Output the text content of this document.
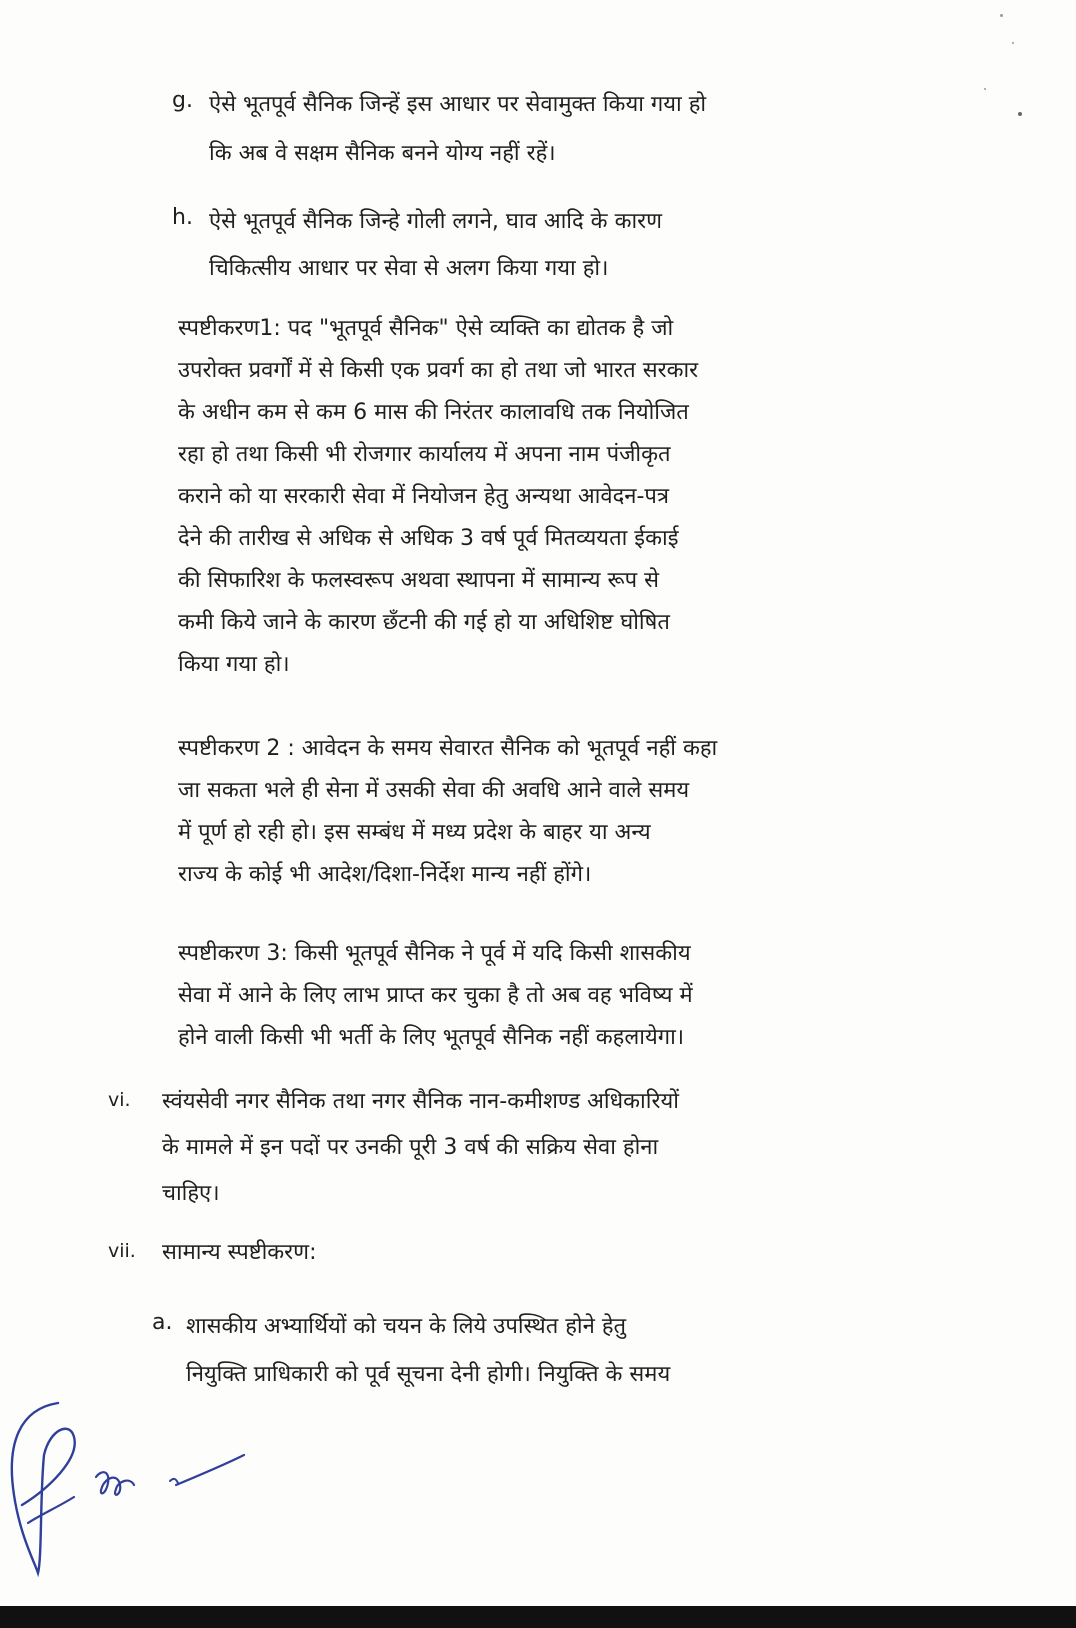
g. ऐसे भूतपूर्व सैनिक जिन्हें इस आधार पर सेवामुक्त किया गया हो
कि अब वे सक्षम सैनिक बनने योग्य नहीं रहें।
h. ऐसे भूतपूर्व सैनिक जिन्हे गोली लगने, घाव आदि के कारण
चिकित्सीय आधार पर सेवा से अलग किया गया हो।

स्पष्टीकरण1: पद "भूतपूर्व सैनिक" ऐसे व्यक्ति का द्योतक है जो

उपरोक्त प्रवर्गों में से किसी एक प्रवर्ग का हो तथा जो भारत सरकार

के अधीन कम से कम 6 मास की निरंतर कालावधि तक नियोजित

रहा हो तथा किसी भी रोजगार कार्यालय में अपना नाम पंजीकृत

कराने को या सरकारी सेवा में नियोजन हेतु अन्यथा आवेदन-पत्र

देने की तारीख से अधिक से अधिक 3 वर्ष पूर्व मितव्ययता ईकाई

की सिफारिश के फलस्वरूप अथवा स्थापना में सामान्य रूप से

कमी किये जाने के कारण छँटनी की गई हो या अधिशिष्ट घोषित

किया गया हो।

स्पष्टीकरण 2 : आवेदन के समय सेवारत सैनिक को भूतपूर्व नहीं कहा

जा सकता भले ही सेना में उसकी सेवा की अवधि आने वाले समय

में पूर्ण हो रही हो। इस सम्बंध में मध्य प्रदेश के बाहर या अन्य

राज्य के कोई भी आदेश/दिशा-निर्देश मान्य नहीं होंगे।

स्पष्टीकरण 3: किसी भूतपूर्व सैनिक ने पूर्व में यदि किसी शासकीय

सेवा में आने के लिए लाभ प्राप्त कर चुका है तो अब वह भविष्य में

होने वाली किसी भी भर्ती के लिए भूतपूर्व सैनिक नहीं कहलायेगा।

vi. स्वंयसेवी नगर सैनिक तथा नगर सैनिक नान-कमीशण्ड अधिकारियों
के मामले में इन पदों पर उनकी पूरी 3 वर्ष की सक्रिय सेवा होना
चाहिए।
vii. सामान्य स्पष्टीकरण:
a. शासकीय अभ्यार्थियों को चयन के लिये उपस्थित होने हेतु
नियुक्ति प्राधिकारी को पूर्व सूचना देनी होगी। नियुक्ति के समय
